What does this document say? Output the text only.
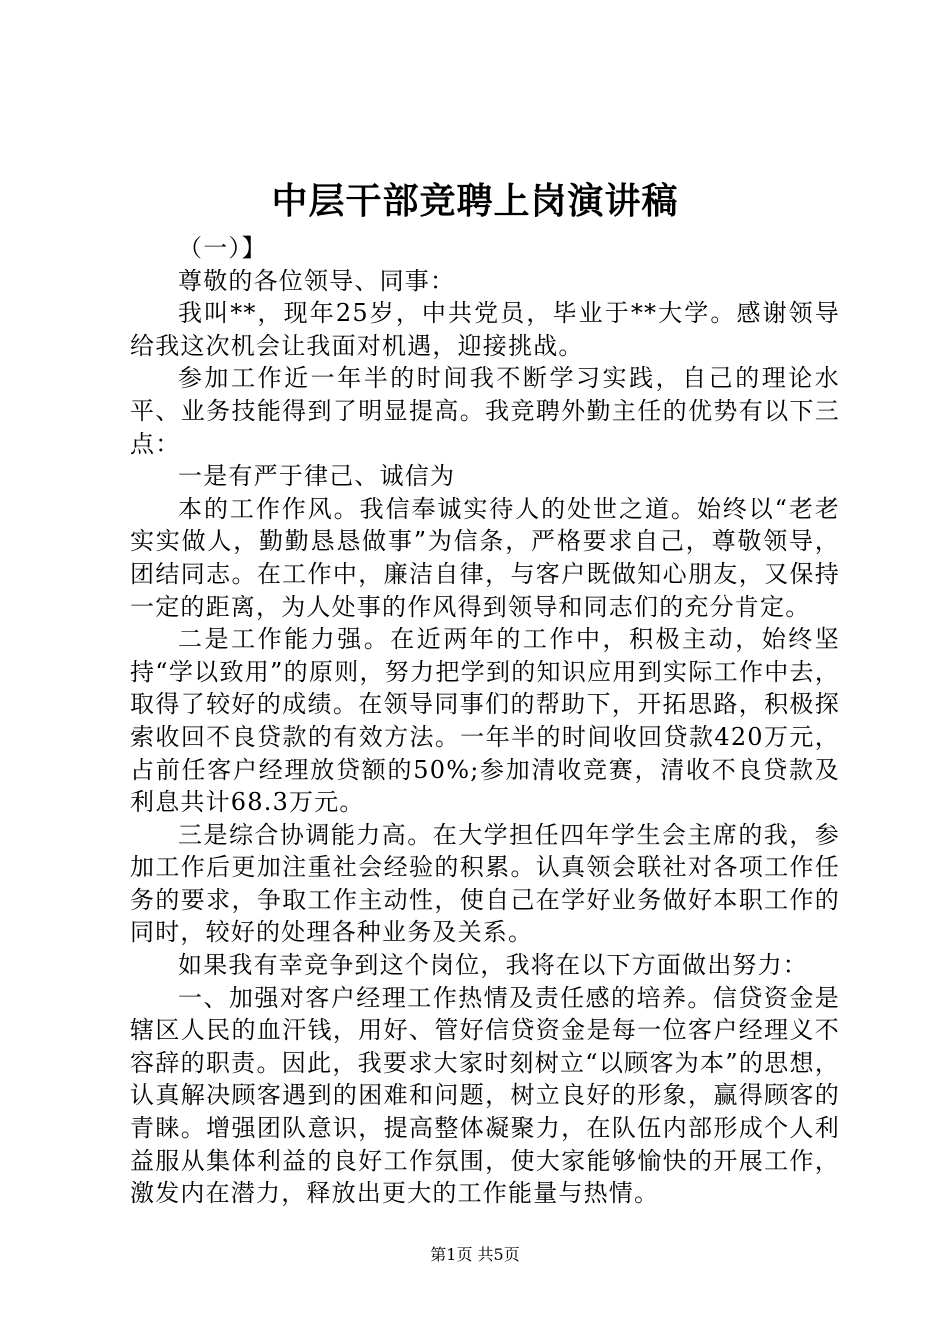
中层干部竞聘上岗演讲稿

（一）】

尊敬的各位领导、同事：

我叫**，现年25岁，中共党员，毕业于**大学。感谢领导给我这次机会让我面对机遇，迎接挑战。

参加工作近一年半的时间我不断学习实践，自己的理论水平、业务技能得到了明显提高。我竞聘外勤主任的优势有以下三点：

一是有严于律己、诚信为

本的工作作风。我信奉诚实待人的处世之道。始终以“老老实实做人，勤勤恳恳做事”为信条，严格要求自己，尊敬领导，团结同志。在工作中，廉洁自律，与客户既做知心朋友，又保持一定的距离，为人处事的作风得到领导和同志们的充分肯定。

二是工作能力强。在近两年的工作中，积极主动，始终坚持“学以致用”的原则，努力把学到的知识应用到实际工作中去，取得了较好的成绩。在领导同事们的帮助下，开拓思路，积极探索收回不良贷款的有效方法。一年半的时间收回贷款420万元，占前任客户经理放贷额的50%;参加清收竞赛，清收不良贷款及利息共计68.3万元。

三是综合协调能力高。在大学担任四年学生会主席的我，参加工作后更加注重社会经验的积累。认真领会联社对各项工作任务的要求，争取工作主动性，使自己在学好业务做好本职工作的同时，较好的处理各种业务及关系。

如果我有幸竞争到这个岗位，我将在以下方面做出努力：

一、加强对客户经理工作热情及责任感的培养。信贷资金是辖区人民的血汗钱，用好、管好信贷资金是每一位客户经理义不容辞的职责。因此，我要求大家时刻树立“以顾客为本”的思想，认真解决顾客遇到的困难和问题，树立良好的形象，赢得顾客的青睐。增强团队意识，提高整体凝聚力，在队伍内部形成个人利益服从集体利益的良好工作氛围，使大家能够愉快的开展工作，激发内在潜力，释放出更大的工作能量与热情。

第1页 共5页
